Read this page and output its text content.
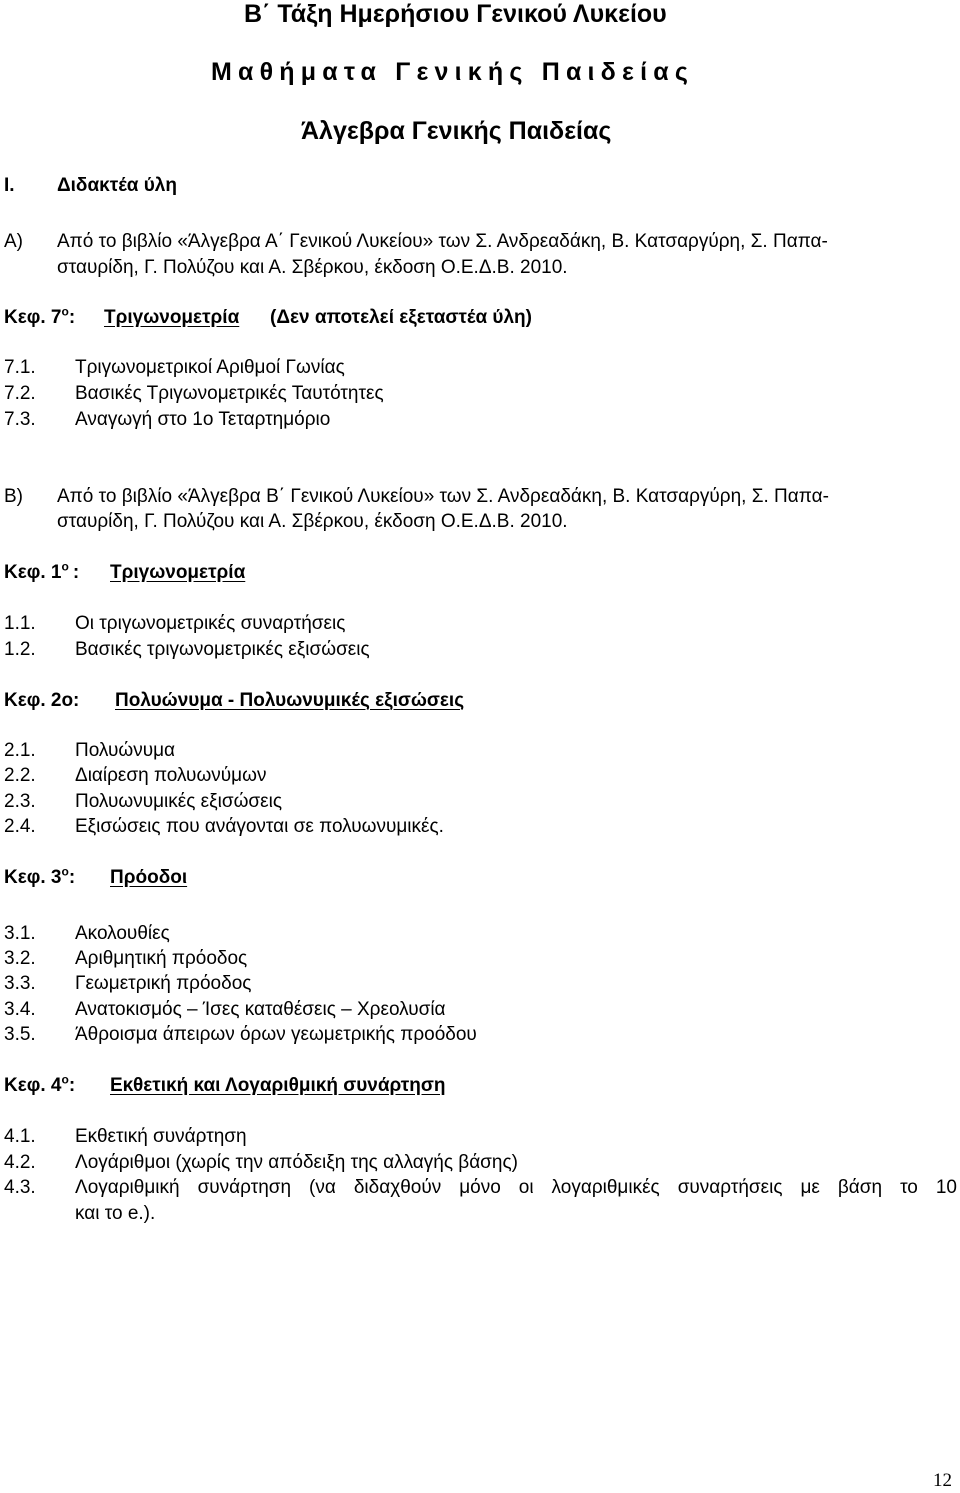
Β΄ Τάξη Ημερήσιου Γενικού Λυκείου
Μαθήματα Γενικής Παιδείας
Άλγεβρα Γενικής Παιδείας
Ι. Διδακτέα ύλη
Α) Από το βιβλίο «Άλγεβρα Α΄ Γενικού Λυκείου» των Σ. Ανδρεαδάκη, Β. Κατσαργύρη, Σ. Παπα-
σταυρίδη, Γ. Πολύζου και Α. Σβέρκου, έκδοση Ο.Ε.Δ.Β. 2010.
Κεφ. $7^o$: Τριγωνομετρία (Δεν αποτελεί εξεταστέα ύλη)
7.1. Τριγωνομετρικοί Αριθμοί Γωνίας
7.2. Βασικές Τριγωνομετρικές Ταυτότητες
7.3. Αναγωγή στο 1ο Τεταρτημόριο
Β) Από το βιβλίο «Άλγεβρα Β΄ Γενικού Λυκείου» των Σ. Ανδρεαδάκη, Β. Κατσαργύρη, Σ. Παπα-
σταυρίδη, Γ. Πολύζου και Α. Σβέρκου, έκδοση Ο.Ε.Δ.Β. 2010.
Κεφ. $1^o$ : Τριγωνομετρία
1.1. Οι τριγωνομετρικές συναρτήσεις
1.2. Βασικές τριγωνομετρικές εξισώσεις
Κεφ. 2ο: Πολυώνυμα - Πολυωνυμικές εξισώσεις
2.1. Πολυώνυμα
2.2. Διαίρεση πολυωνύμων
2.3. Πολυωνυμικές εξισώσεις
2.4. Εξισώσεις που ανάγονται σε πολυωνυμικές.
Κεφ. $3^o$: Πρόοδοι
3.1. Ακολουθίες
3.2. Αριθμητική πρόοδος
3.3. Γεωμετρική πρόοδος
3.4. Ανατοκισμός – Ίσες καταθέσεις – Χρεολυσία
3.5. Άθροισμα άπειρων όρων γεωμετρικής προόδου
Κεφ. $4^o$: Εκθετική και Λογαριθμική συνάρτηση
4.1. Εκθετική συνάρτηση
4.2. Λογάριθμοι (χωρίς την απόδειξη της αλλαγής βάσης)
4.3. Λογαριθμική συνάρτηση (να διδαχθούν μόνο οι λογαριθμικές συναρτήσεις με βάση το 10
και το e.).
12
